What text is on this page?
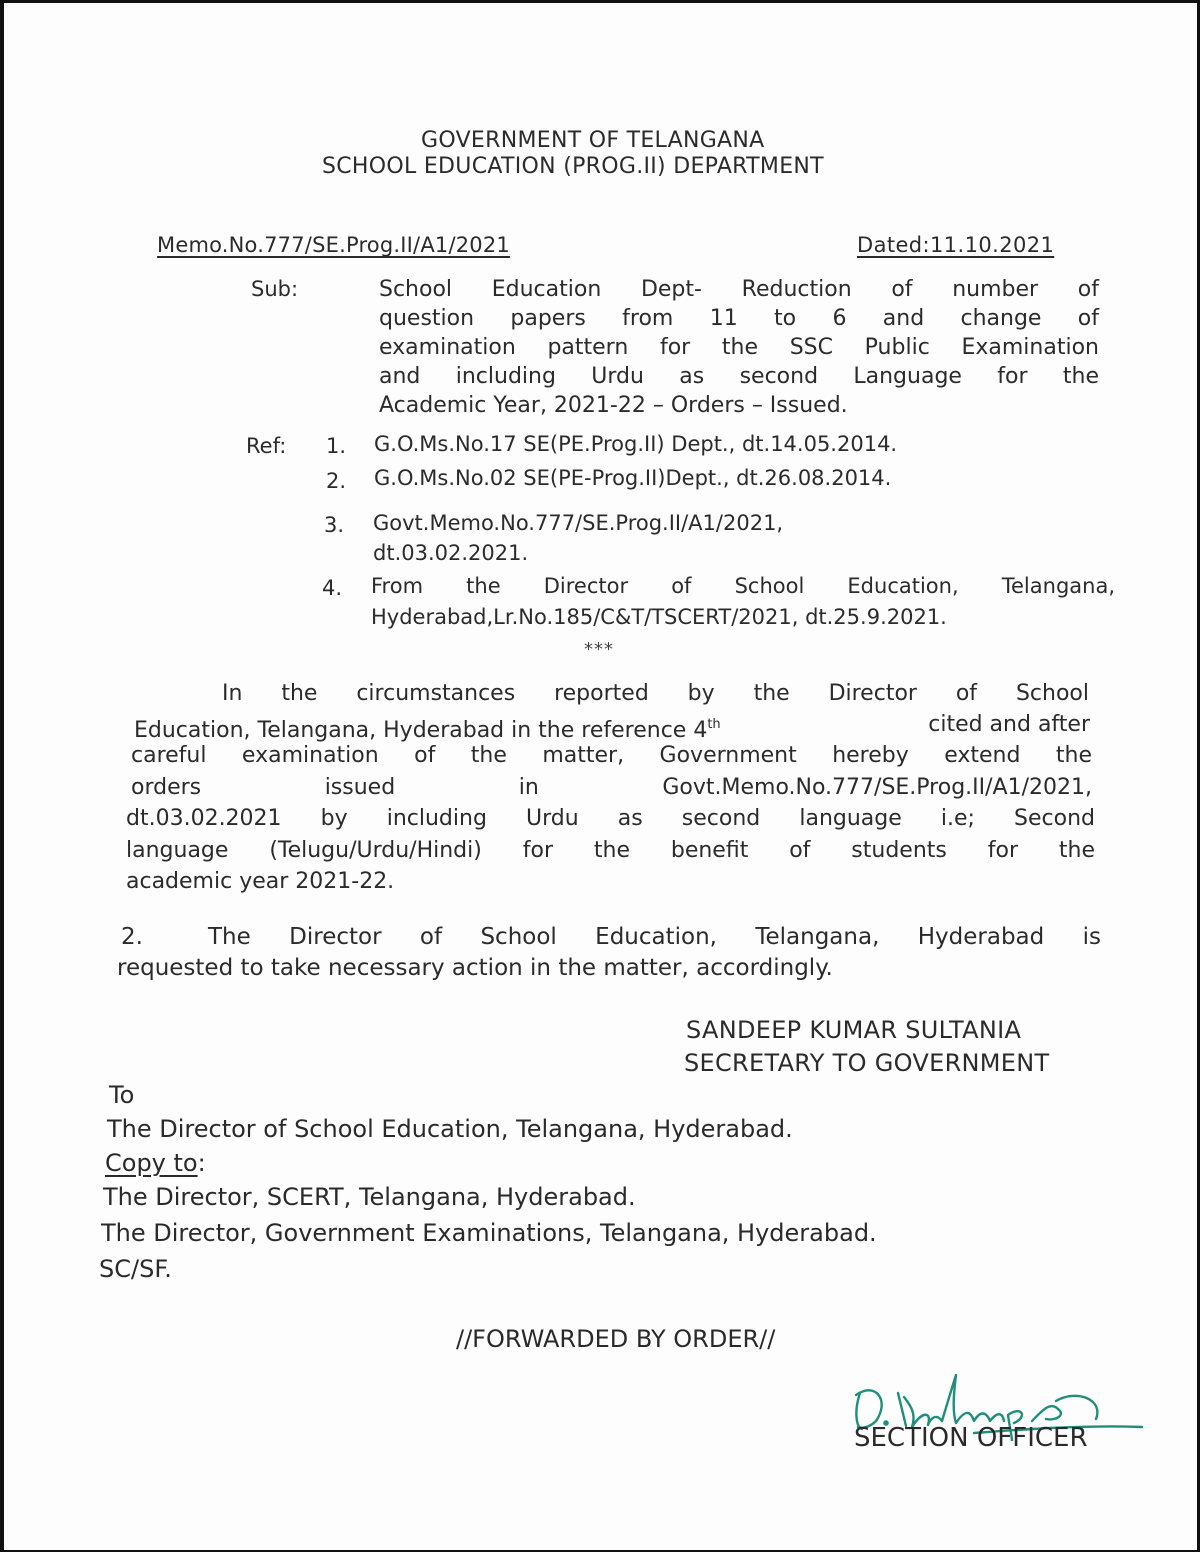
GOVERNMENT OF TELANGANA
SCHOOL EDUCATION (PROG.II) DEPARTMENT
Memo.No.777/SE.Prog.II/A1/2021	Dated:11.10.2021
Sub:	School Education Dept- Reduction of number of
question papers from 11 to 6 and change of
examination pattern for the SSC Public Examination
and including Urdu as second Language for the
Academic Year, 2021-22 – Orders – Issued.
Ref: 1. G.O.Ms.No.17 SE(PE.Prog.II) Dept., dt.14.05.2014.
2. G.O.Ms.No.02 SE(PE-Prog.II)Dept., dt.26.08.2014.
3. Govt.Memo.No.777/SE.Prog.II/A1/2021,
dt.03.02.2021.
4. From the Director of School Education, Telangana,
Hyderabad,Lr.No.185/C&T/TSCERT/2021, dt.25.9.2021.
***
In the circumstances reported by the Director of School
Education, Telangana, Hyderabad in the reference 4th	cited and after
careful examination of the matter, Government hereby extend the
orders issued in Govt.Memo.No.777/SE.Prog.II/A1/2021,
dt.03.02.2021 by including Urdu as second language i.e; Second
language (Telugu/Urdu/Hindi) for the benefit of students for the
academic year 2021-22.
2.	The Director of School Education, Telangana, Hyderabad is
requested to take necessary action in the matter, accordingly.
SANDEEP KUMAR SULTANIA
SECRETARY TO GOVERNMENT
To
The Director of School Education, Telangana, Hyderabad.
Copy to:
The Director, SCERT, Telangana, Hyderabad.
The Director, Government Examinations, Telangana, Hyderabad.
SC/SF.
//FORWARDED BY ORDER//
SECTION OFFICER
